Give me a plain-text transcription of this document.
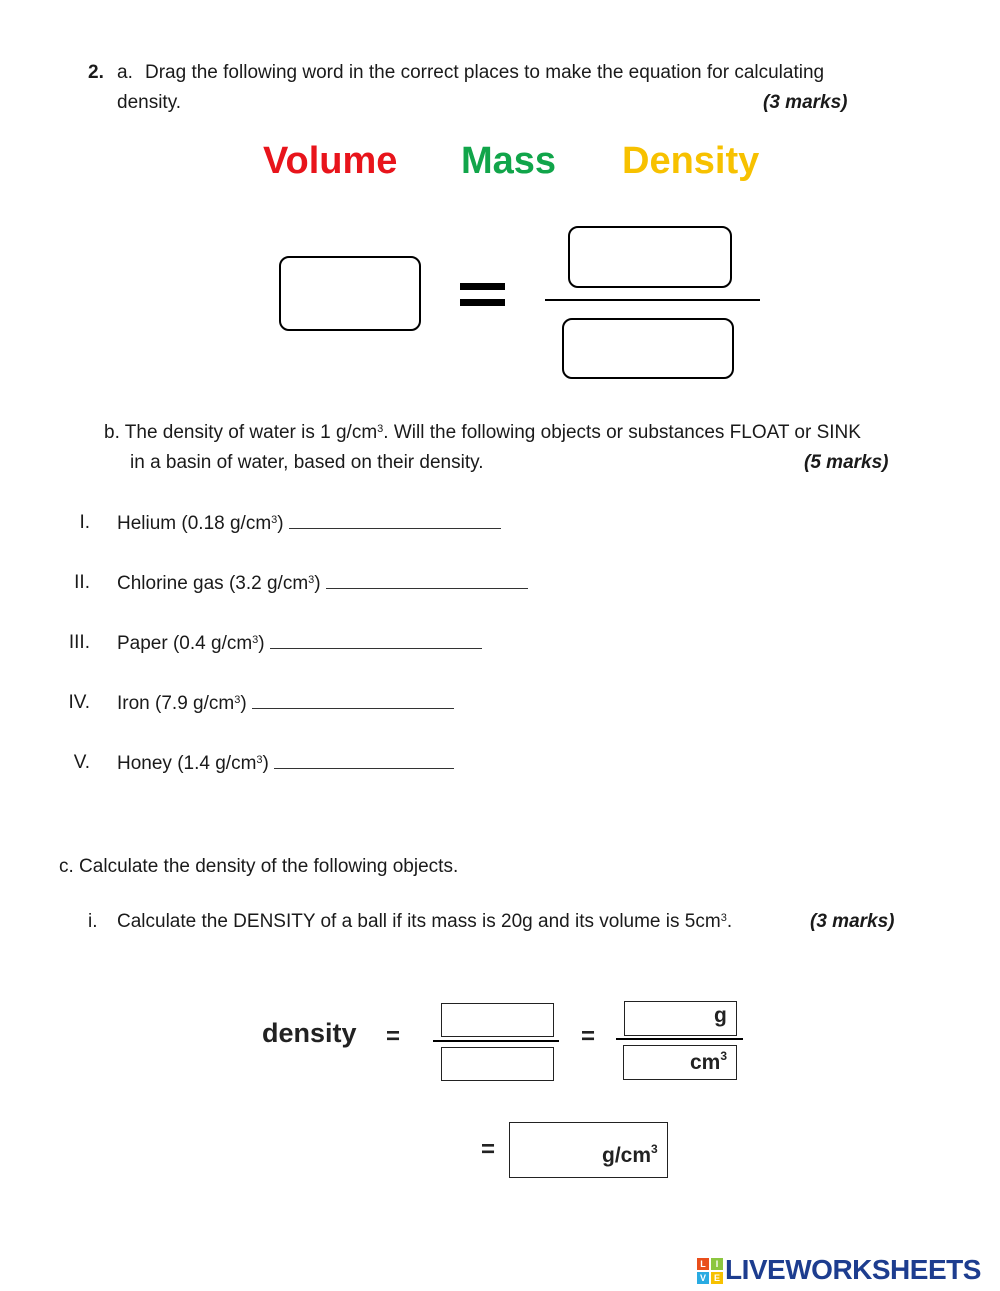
2. a. Drag the following word in the correct places to make the equation for calculating
density.	(3 marks)
Volume Mass Density
b. The density of water is 1 $g/cm^3$. Will the following objects or substances FLOAT or SINK
in a basin of water, based on their density.	(5 marks)
I. Helium (0.18 $g/cm^3$)
II. Chlorine gas (3.2 $g/cm^3$)
III. Paper (0.4 $g/cm^3$)
IV. Iron (7.9 $g/cm^3$)
V. Honey (1.4 $g/cm^3$)
c. Calculate the density of the following objects.
i. Calculate the DENSITY of a ball if its mass is 20g and its volume is $5cm^3$.	(3 marks)
density =	=
g
$cm^3$
=	$g/cm^3$
L	I
V E LIVEWORKSHEETS
